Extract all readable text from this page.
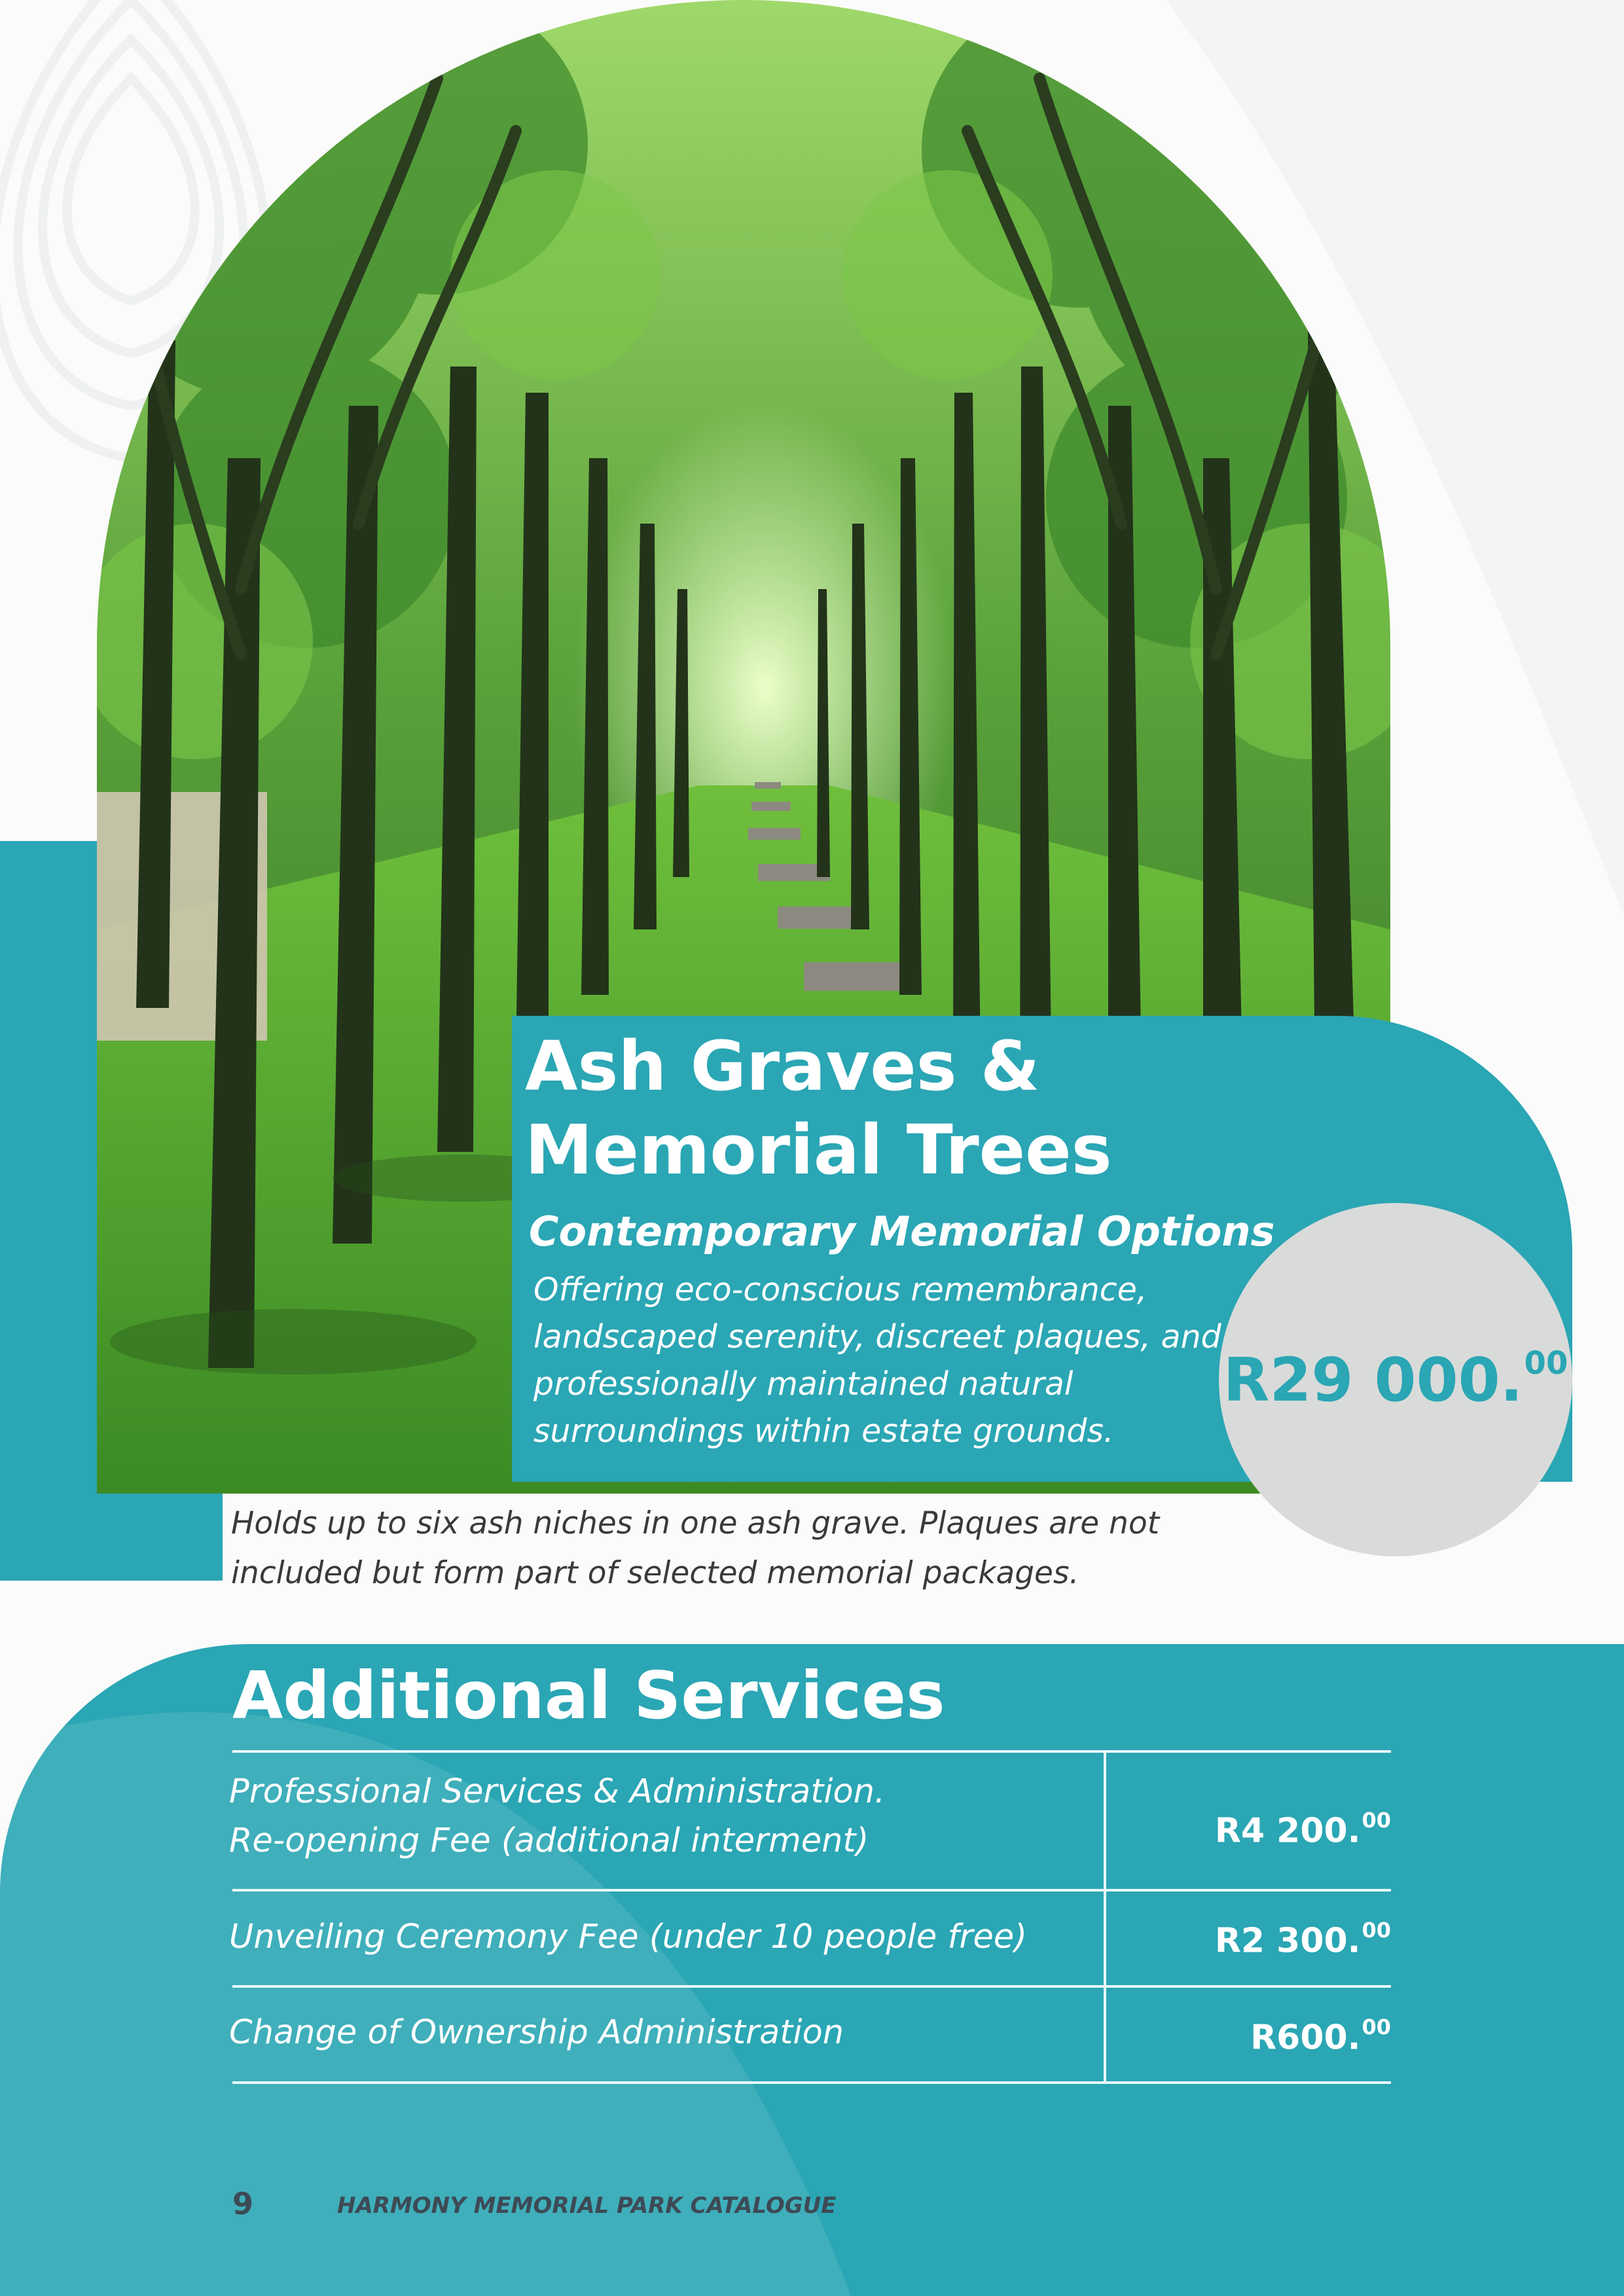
Ash Graves & Memorial Trees
Contemporary Memorial Options

Offering eco-conscious remembrance, landscaped serenity, discreet plaques, and professionally maintained natural surroundings within estate grounds.

R29 000.00

Holds up to six ash niches in one ash grave. Plaques are not included but form part of selected memorial packages.

Additional Services
Professional Services & Administration.
Re-opening Fee (additional interment)	R4 200.00
Unveiling Ceremony Fee (under 10 people free)	R2 300.00
Change of Ownership Administration	R600.00
9	HARMONY MEMORIAL PARK CATALOGUE
